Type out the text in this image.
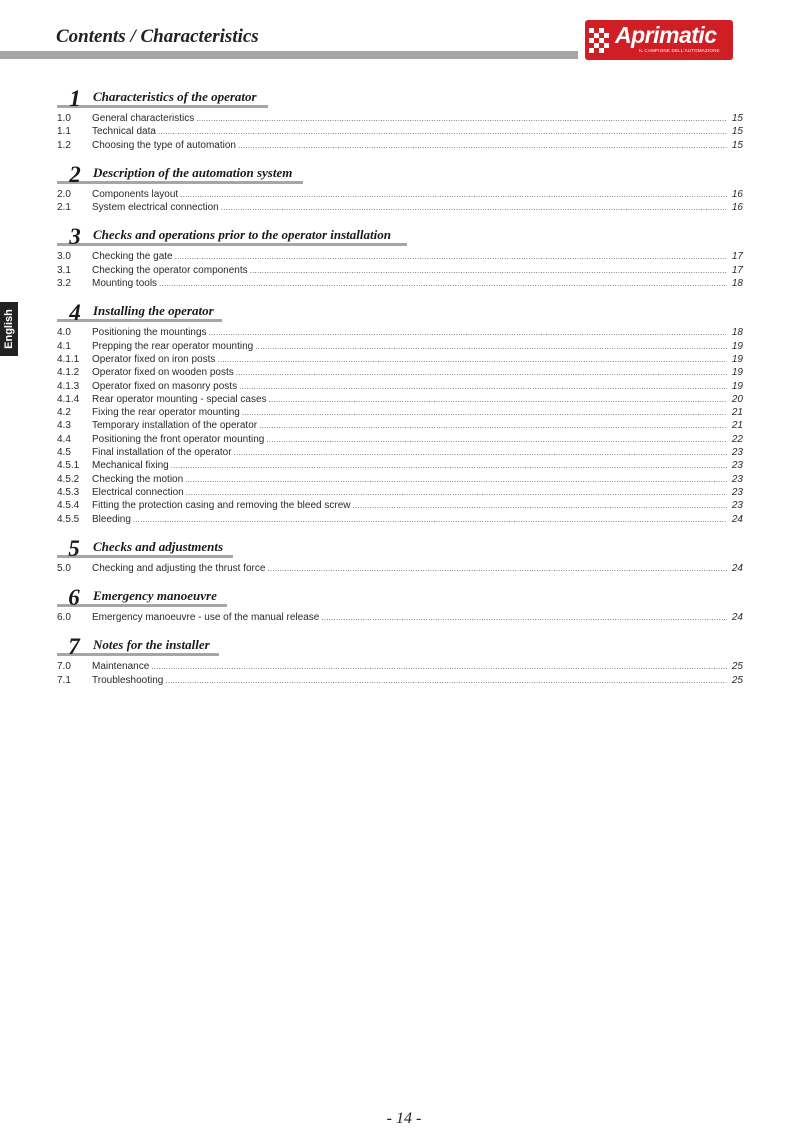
Contents / Characteristics	Aprimatic
IL CAMPIONE DELL'AUTOMAZIONE
English
1 Characteristics of the operator
1.0	General characteristics .....	15
1.1	Technical data .....	15
1.2	Choosing the type of automation .....	15
2 Description of the automation system
2.0	Components layout .....	16
2.1	System electrical connection .....	16
3 Checks and operations prior to the operator installation
3.0	Checking the gate .....	17
3.1	Checking the operator components .....	17
3.2	Mounting tools .....	18
4 Installing the operator
4.0	Positioning the mountings .....	18
4.1	Prepping the rear operator mounting .....	19
4.1.1	Operator fixed on iron posts .....	19
4.1.2	Operator fixed on wooden posts .....	19
4.1.3	Operator fixed on masonry posts .....	19
4.1.4	Rear operator mounting - special cases .....	20
4.2	Fixing the rear operator mounting .....	21
4.3	Temporary installation of the operator .....	21
4.4	Positioning the front operator mounting .....	22
4.5	Final installation of the operator .....	23
4.5.1	Mechanical fixing .....	23
4.5.2	Checking the motion .....	23
4.5.3	Electrical connection .....	23
4.5.4	Fitting the protection casing and removing the bleed screw .....	23
4.5.5	Bleeding .....	24
5	Checks and adjustments
5.0	Checking and adjusting the thrust force .....	24
6	Emergency manoeuvre
6.0	Emergency manoeuvre - use of the manual release .....	24
7	Notes for the installer
7.0	Maintenance .....	25
7.1	Troubleshooting .....	25
- 14 -
